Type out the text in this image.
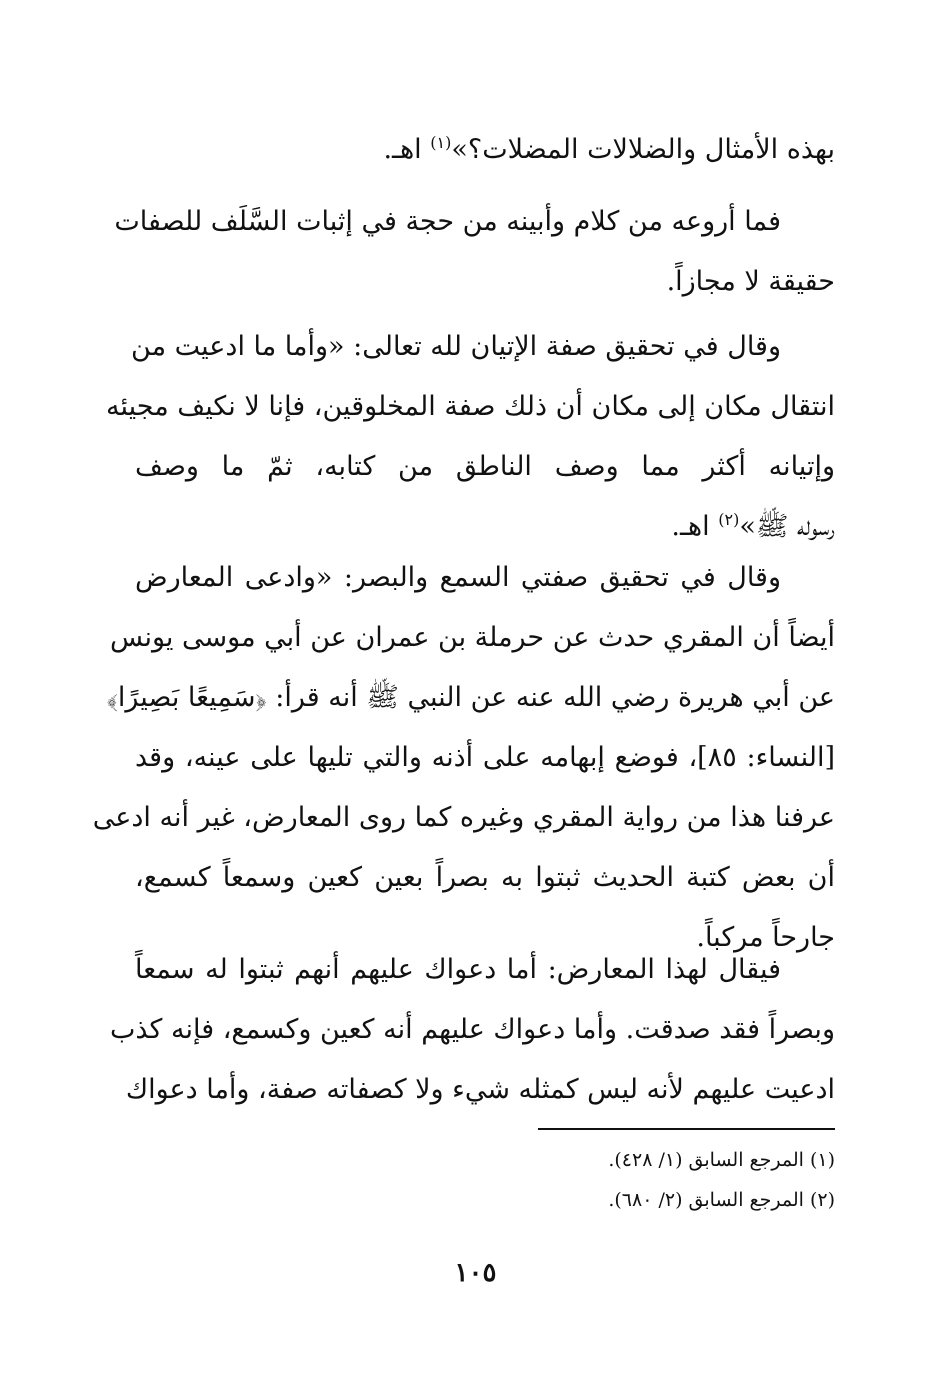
بهذه الأمثال والضلالات المضلات؟»$^{(١)}$ اهـ.
فما أروعه من كلام وأبينه من حجة في إثبات السَّلَف للصفات
حقيقة لا مجازاً.
وقال في تحقيق صفة الإتيان لله تعالى: «وأما ما ادعيت من
انتقال مكان إلى مكان أن ذلك صفة المخلوقين، فإنا لا نكيف مجيئه
وإتيانه أكثر مما وصف الناطق من كتابه، ثمّ ما وصف
رسوله ﷺ»$^{(٢)}$ اهـ.
وقال في تحقيق صفتي السمع والبصر: «وادعى المعارض
أيضاً أن المقري حدث عن حرملة بن عمران عن أبي موسى يونس
عن أبي هريرة رضي الله عنه عن النبي ﷺ أنه قرأ: ﴿سَمِيعًا بَصِيرًا﴾
[النساء: ٨٥]، فوضع إبهامه على أذنه والتي تليها على عينه، وقد
عرفنا هذا من رواية المقري وغيره كما روى المعارض، غير أنه ادعى
أن بعض كتبة الحديث ثبتوا به بصراً بعين كعين وسمعاً كسمع،
جارحاً مركباً.
فيقال لهذا المعارض: أما دعواك عليهم أنهم ثبتوا له سمعاً
وبصراً فقد صدقت. وأما دعواك عليهم أنه كعين وكسمع، فإنه كذب
ادعيت عليهم لأنه ليس كمثله شيء ولا كصفاته صفة، وأما دعواك
(١) المرجع السابق (١/ ٤٢٨).
(٢) المرجع السابق (٢/ ٦٨٠).
١٠٥
